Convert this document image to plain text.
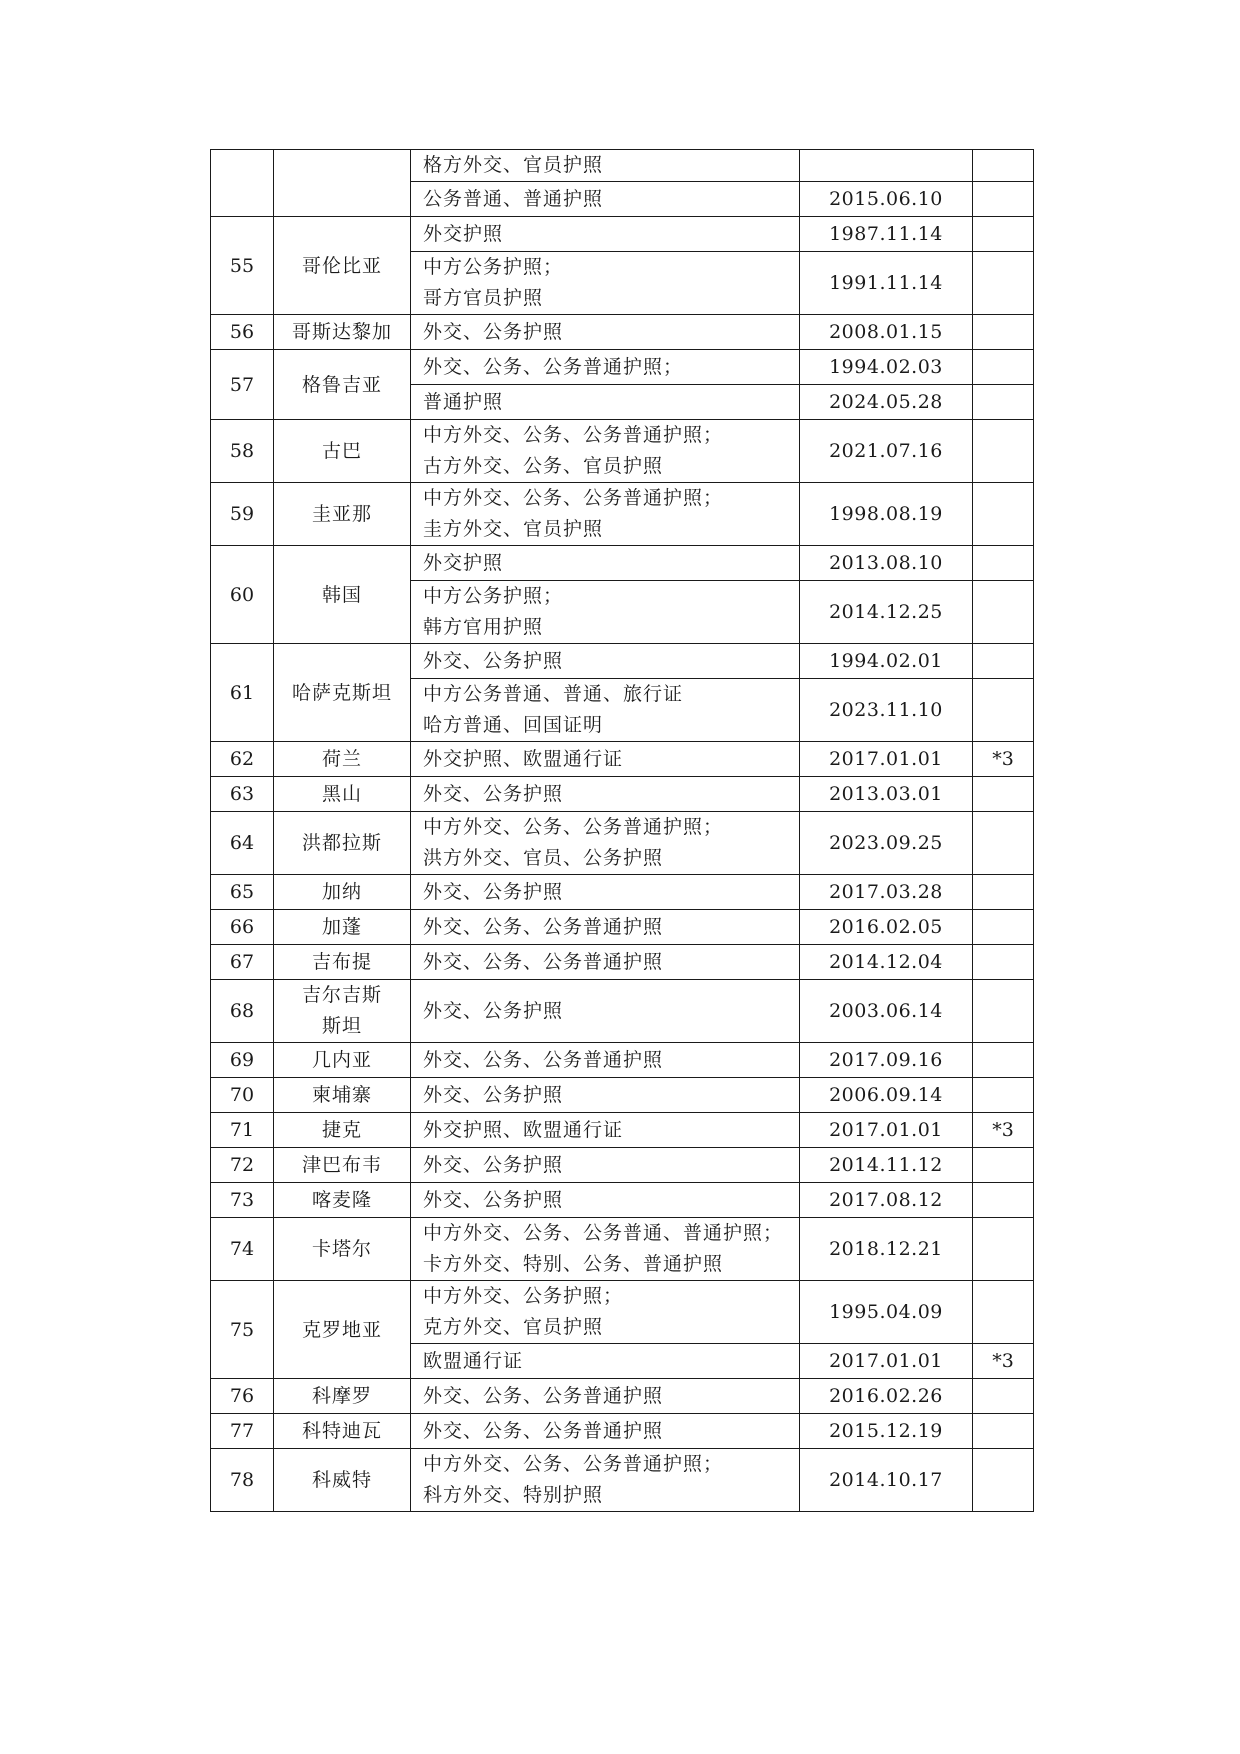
		格方外交、官员护照		

		公务普通、普通护照	2015.06.10	
55	哥伦比亚	外交护照	1987.11.14	

		中方公务护照；
哥方官员护照	1991.11.14	
56	哥斯达黎加	外交、公务护照	2008.01.15	
57	格鲁吉亚	外交、公务、公务普通护照；	1994.02.03	

		普通护照	2024.05.28	
58	古巴	中方外交、公务、公务普通护照；
古方外交、公务、官员护照	2021.07.16	
59	圭亚那	中方外交、公务、公务普通护照；
圭方外交、官员护照	1998.08.19	
60	韩国	外交护照	2013.08.10	

		中方公务护照；
韩方官用护照	2014.12.25	
61	哈萨克斯坦	外交、公务护照	1994.02.01	

		中方公务普通、普通、旅行证
哈方普通、回国证明	2023.11.10	
62	荷兰	外交护照、欧盟通行证	2017.01.01	*3
63	黑山	外交、公务护照	2013.03.01	
64	洪都拉斯	中方外交、公务、公务普通护照；
洪方外交、官员、公务护照	2023.09.25	
65	加纳	外交、公务护照	2017.03.28	
66	加蓬	外交、公务、公务普通护照	2016.02.05	
67	吉布提	外交、公务、公务普通护照	2014.12.04	
68	吉尔吉斯
斯坦	外交、公务护照	2003.06.14	
69	几内亚	外交、公务、公务普通护照	2017.09.16	
70	柬埔寨	外交、公务护照	2006.09.14	
71	捷克	外交护照、欧盟通行证	2017.01.01	*3
72	津巴布韦	外交、公务护照	2014.11.12	
73	喀麦隆	外交、公务护照	2017.08.12	
74	卡塔尔	中方外交、公务、公务普通、普通护照；
卡方外交、特别、公务、普通护照	2018.12.21	
75	克罗地亚	中方外交、公务护照；
克方外交、官员护照	1995.04.09	

		欧盟通行证	2017.01.01	*3
76	科摩罗	外交、公务、公务普通护照	2016.02.26	
77	科特迪瓦	外交、公务、公务普通护照	2015.12.19	
78	科威特	中方外交、公务、公务普通护照；
科方外交、特别护照	2014.10.17	
